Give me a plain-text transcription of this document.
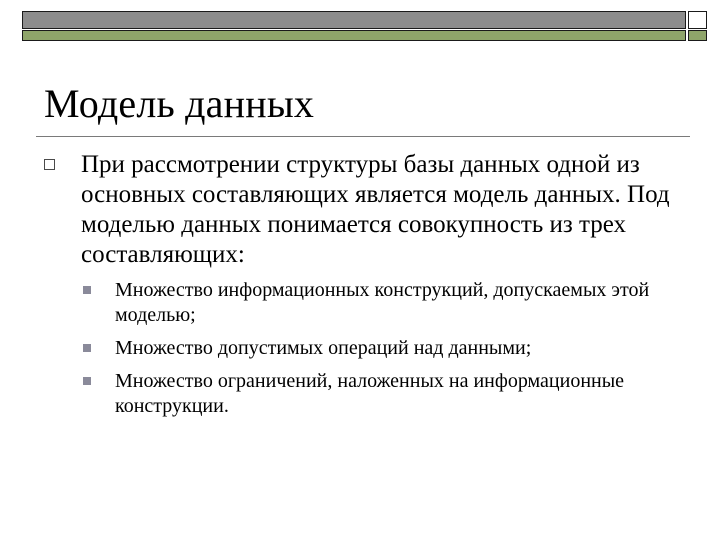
Модель данных

При рассмотрении структуры базы данных одной из основных составляющих является модель данных. Под моделью данных понимается совокупность из трех составляющих:

Множество информационных конструкций, допускаемых этой моделью;
Множество допустимых операций над данными;
Множество ограничений, наложенных на информационные конструкции.
